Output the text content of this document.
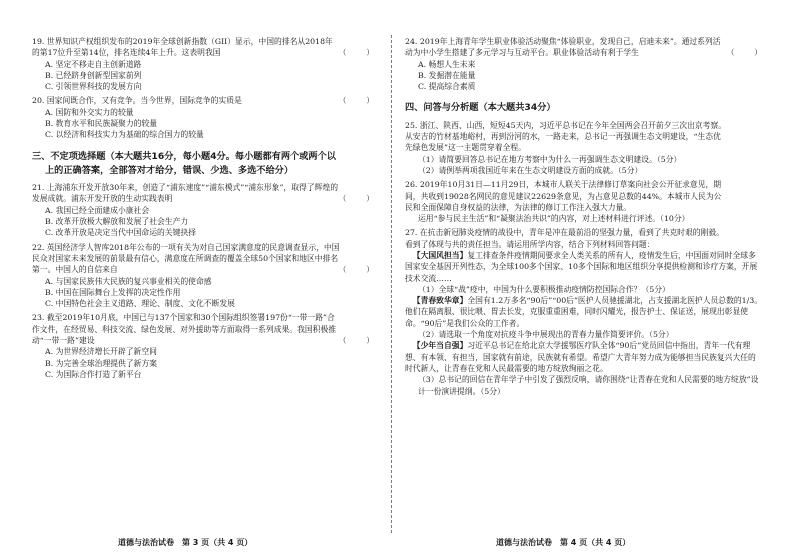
19. 世界知识产权组织发布的2019年全球创新指数（GII）显示，中国的排名从2018年的第17位升至第14位，排名连续4年上升。这表明我国	（        ）
A. 坚定不移走自主创新道路
B. 已经跻身创新型国家前列
C. 引领世界科技的发展方向
20. 国家间既合作，又有竞争。当今世界，国际竞争的实质是	（        ）
A. 国防和外交实力的较量
B. 教育水平和民族凝聚力的较量
C. 以经济和科技实力为基础的综合国力的较量
三、不定项选择题（本大题共16分，每小题4分。每小题都有两个或两个以
上的正确答案，全部答对才给分，错误、少选、多选不给分）
21. 上海浦东开发开放30年来，创造了“浦东速度”“浦东模式”“浦东形象”，取得了辉煌的发展成就。浦东开发开放的生动实践表明	（        ）
A. 我国已经全面建成小康社会
B. 改革开放极大解放和发展了社会生产力
C. 改革开放是决定当代中国命运的关键抉择
22. 英国经济学人智库2018年公布的一项有关为对自己国家满意度的民意调查显示，中国民众对国家未来发展的前景最有信心，满意度在所调查的覆盖全球50个国家和地区中排名第一。中国人的自信来自	（        ）
A. 与国家民族伟大民族的复兴事业相关的使命感
B. 中国在国际舞台上发挥的决定性作用
C. 中国特色社会主义道路、理论、制度、文化不断发展
23. 截至2019年10月底，中国已与137个国家和30个国际组织签署197份“一带一路”合作文件，在经贸易、科技交流、绿色发展、对外援助等方面取得一系列成果。我国积极推动“一带一路”建设	（        ）
A. 为世界经济增长开辟了新空间
B. 为完善全球治理提供了新方案
C. 为国际合作打造了新平台
24. 2019年上海青年学生职业体验活动聚焦“体验职业，发现自己，启迪未来”。通过系列活动为中小学生搭建了多元学习与互动平台。职业体验活动有利于学生	（        ）
A. 畅想人生未来
B. 发掘潜在能量
C. 提高综合素质
四、问答与分析题（本大题共34分）
25. 浙江、陕西、山西，短短45天内，习近平总书记在今年全国两会召开前夕三次出京考察。从安吉的竹材基地峪村，再到汾河的水，一路走来，总书记一再强调生态文明建设，“生态优先绿色发展”这一主题贯穿着全程。
（1）请简要回答总书记在地方考察中为什么一再强调生态文明建设。（5分）
（2）请例举两项我国近年来在生态文明建设方面的成就。（5分）
26. 2019年10月31日—11月29日，本城市人联关于法律修订草案向社会公开征求意见，期间，共收到19028名网民的意见建议22629条意见，为占意见总数的44%。本城市人民为公民和全面保障自身权益的法律，为法律的修订工作注入强大力量。
运用“参与民主生活”和“凝聚法治共识”的内容，对上述材料进行评述。（10分）
27. 在抗击新冠肺炎疫情的战役中，青年是冲在最前沿的坚强力量，看到了共克时艰的刚毅。看到了体现与共的责任担当。请运用所学内容，结合下列材料回答问题：
【大国风担当】复工排查条件疫情期间要求全人类关系的所有人，疫情发生后，中国面对同时全球多国家安全基因开列性态，为全球100多个国家、10多个国际和地区组织分享提供检测和诊疗方案，开展技术交流……
（1）全球“战”疫中，中国为什么要积极推动疫情防控国际合作？（5分）
【青春致华章】全国有1.2万多名“90后”“00后”医护人员驰援湖北，占支援湖北医护人员总数的1/3。他们在隔离服、很比喂、胃去长发，克服重重困难，同时闪耀光，报告护士、保证送，展现出彰显使命。“90后”是我们公众的工作者。
（2）请选取一个角度对抗疫斗争中展现出的青春力量作简要评价。（5分）
【少年当自强】习近平总书记在给北京大学援鄂医疗队全体“90后”党员回信中指出，青年一代有理想、有本领、有担当，国家就有前途，民族就有希望。希望广大青年努力成为能够担当民族复兴大任的时代新人，让青春在党和人民最需要的地方绽放绚丽之花。
（3）总书记的回信在青年学子中引发了强烈反响，请你围绕“让青春在党和人民需要的地方绽放”设计一份演讲提纲。（5分）
道德与法治试卷　第 3 页（共 4 页）	道德与法治试卷　第 4 页（共 4 页）
